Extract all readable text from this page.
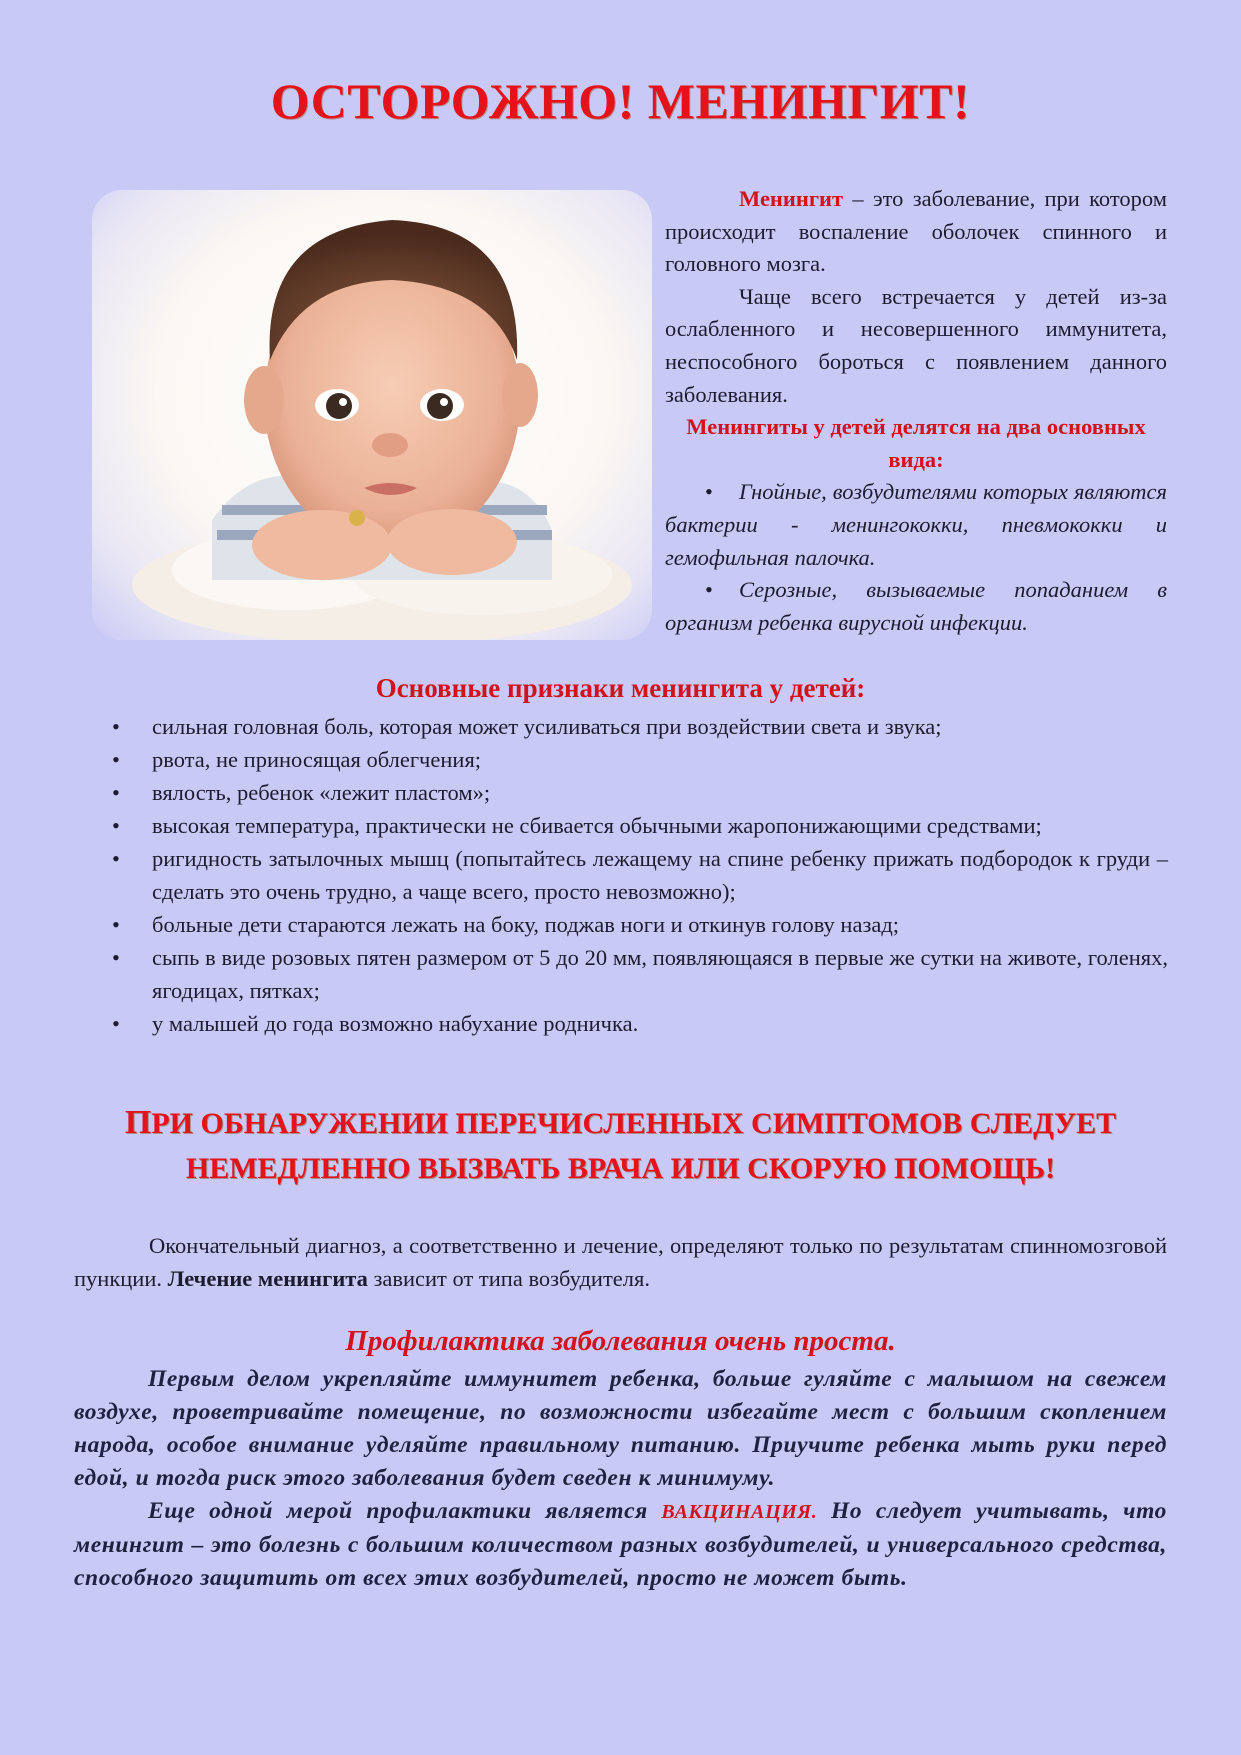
ОСТОРОЖНО! МЕНИНГИТ!

Менингит – это заболевание, при котором происходит воспаление оболочек спинного и головного мозга.

Чаще всего встречается у детей из-за ослабленного и несовершенного иммунитета, неспособного бороться с появлением данного заболевания.

Менингиты у детей делятся на два основных вида:

• Гнойные, возбудителями которых являются бактерии - менингококки, пневмококки и гемофильная палочка.
• Серозные, вызываемые попаданием в организм ребенка вирусной инфекции.
Основные признаки менингита у детей:
•	сильная головная боль, которая может усиливаться при воздействии света и звука;
•	рвота, не приносящая облегчения;
•	вялость, ребенок «лежит пластом»;
•	высокая температура, практически не сбивается обычными жаропонижающими средствами;
•	ригидность затылочных мышц (попытайтесь лежащему на спине ребенку прижать подбородок к груди – сделать это очень трудно, а чаще всего, просто невозможно);
•	больные дети стараются лежать на боку, поджав ноги и откинув голову назад;
•	сыпь в виде розовых пятен размером от 5 до 20 мм, появляющаяся в первые же сутки на животе, голенях, ягодицах, пятках;
•	у малышей до года возможно набухание родничка.
ПРИ ОБНАРУЖЕНИИ ПЕРЕЧИСЛЕННЫХ СИМПТОМОВ СЛЕДУЕТ
НЕМЕДЛЕННО ВЫЗВАТЬ ВРАЧА ИЛИ СКОРУЮ ПОМОЩЬ!

Окончательный диагноз, а соответственно и лечение, определяют только по результатам спинномозговой пункции. Лечение менингита зависит от типа возбудителя.

Профилактика заболевания очень проста.

Первым делом укрепляйте иммунитет ребенка, больше гуляйте с малышом на свежем воздухе, проветривайте помещение, по возможности избегайте мест с большим скоплением народа, особое внимание уделяйте правильному питанию. Приучите ребенка мыть руки перед едой, и тогда риск этого заболевания будет сведен к минимуму.

Еще одной мерой профилактики является ВАКЦИНАЦИЯ. Но следует учитывать, что менингит – это болезнь с большим количеством разных возбудителей, и универсального средства, способного защитить от всех этих возбудителей, просто не может быть.
